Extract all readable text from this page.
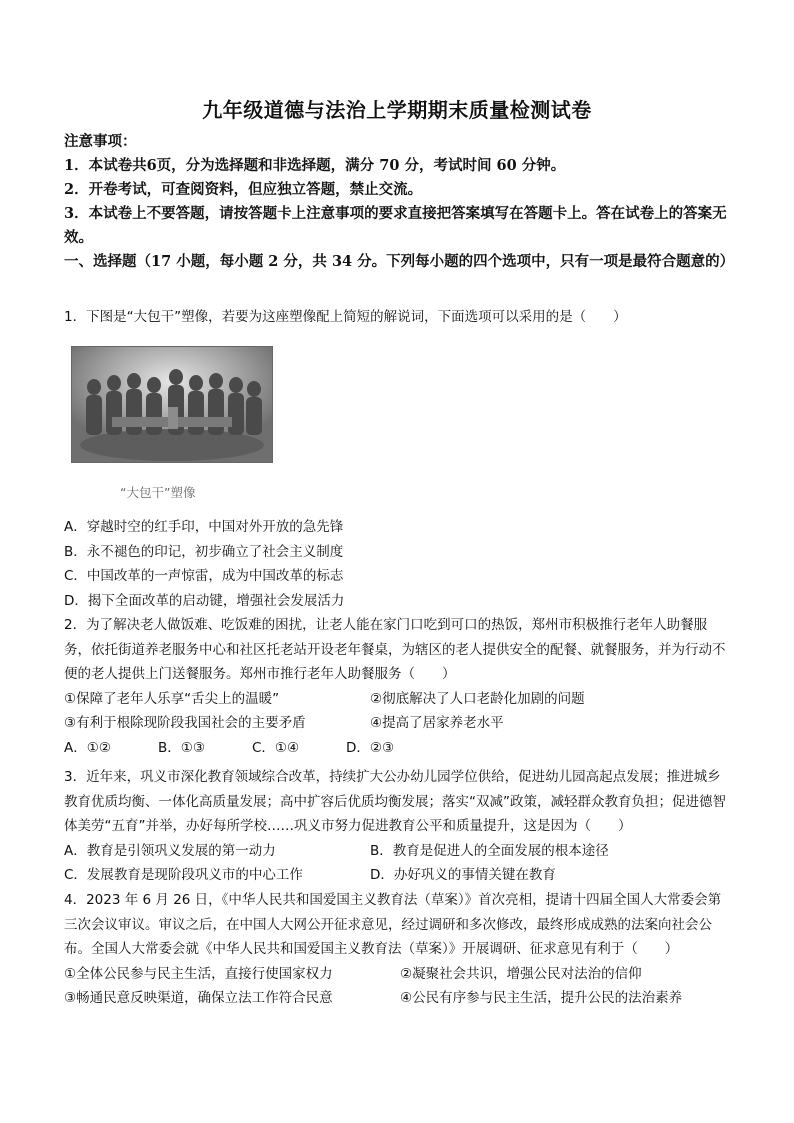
九年级道德与法治上学期期末质量检测试卷
注意事项：
1．本试卷共6页，分为选择题和非选择题，满分 70 分，考试时间 60 分钟。
2．开卷考试，可查阅资料，但应独立答题，禁止交流。
3．本试卷上不要答题，请按答题卡上注意事项的要求直接把答案填写在答题卡上。答在试卷上的答案无效。
一、选择题（17 小题，每小题 2 分，共 34 分。下列每小题的四个选项中，只有一项是最符合题意的）

1．下图是“大包干”塑像，若要为这座塑像配上简短的解说词，下面选项可以采用的是（　　）

“大包干”塑像

A．穿越时空的红手印，中国对外开放的急先锋

B．永不褪色的印记，初步确立了社会主义制度

C．中国改革的一声惊雷，成为中国改革的标志

D．揭下全面改革的启动键，增强社会发展活力

2．为了解决老人做饭难、吃饭难的困扰，让老人能在家门口吃到可口的热饭，郑州市积极推行老年人助餐服务，依托街道养老服务中心和社区托老站开设老年餐桌，为辖区的老人提供安全的配餐、就餐服务，并为行动不便的老人提供上门送餐服务。郑州市推行老年人助餐服务（　　）

①保障了老年人乐享“舌尖上的温暖”	②彻底解决了人口老龄化加剧的问题
③有利于根除现阶段我国社会的主要矛盾	④提高了居家养老水平
A．①②	B．①③	C．①④	D．②③

3．近年来，巩义市深化教育领域综合改革，持续扩大公办幼儿园学位供给，促进幼儿园高起点发展；推进城乡教育优质均衡、一体化高质量发展；高中扩容后优质均衡发展；落实“双减”政策，减轻群众教育负担；促进德智体美劳“五育”并举，办好每所学校……巩义市努力促进教育公平和质量提升，这是因为（　　）

A．教育是引领巩义发展的第一动力	B．教育是促进人的全面发展的根本途径
C．发展教育是现阶段巩义市的中心工作	D．办好巩义的事情关键在教育

4．2023 年 6 月 26 日，《中华人民共和国爱国主义教育法（草案）》首次亮相，提请十四届全国人大常委会第三次会议审议。审议之后，在中国人大网公开征求意见，经过调研和多次修改，最终形成成熟的法案向社会公布。全国人大常委会就《中华人民共和国爱国主义教育法（草案）》开展调研、征求意见有利于（　　）

①全体公民参与民主生活，直接行使国家权力	②凝聚社会共识，增强公民对法治的信仰
③畅通民意反映渠道，确保立法工作符合民意	④公民有序参与民主生活，提升公民的法治素养
